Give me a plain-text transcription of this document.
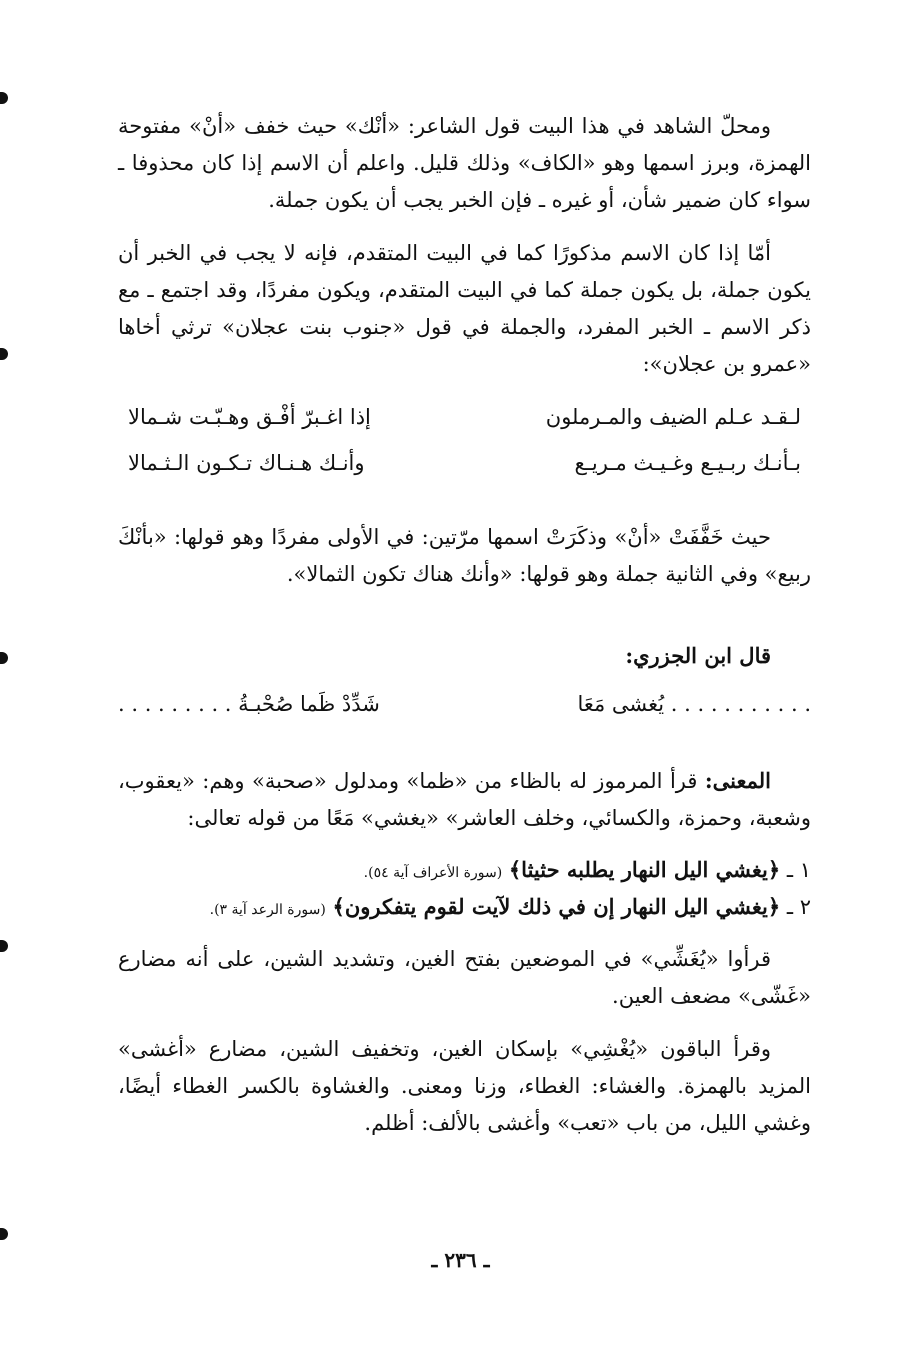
ومحلّ الشاهد في هذا البيت قول الشاعر: «أنْك» حيث خفف «أنْ» مفتوحة الهمزة، وبرز اسمها وهو «الكاف» وذلك قليل. واعلم أن الاسم إذا كان محذوفا ـ سواء كان ضمير شأن، أو غيره ـ فإن الخبر يجب أن يكون جملة.

أمّا إذا كان الاسم مذكورًا كما في البيت المتقدم، فإنه لا يجب في الخبر أن يكون جملة، بل يكون جملة كما في البيت المتقدم، ويكون مفردًا، وقد اجتمع ـ مع ذكر الاسم ـ الخبر المفرد، والجملة في قول «جنوب بنت عجلان» ترثي أخاها «عمرو بن عجلان»:

لـقـد عـلم الضيف والمـرملون
إذا اغـبرّ أفْـق وهـبّـت شـمالا
بـأنـك ربـيـع وغـيـث مـريـع
وأنـك هـنـاك تـكـون الـثـمالا

حيث خَفَّفَتْ «أنْ» وذكَرَتْ اسمها مرّتين: في الأولى مفردًا وهو قولها: «بأنْكَ ربيع» وفي الثانية جملة وهو قولها: «وأنك هناك تكون الثمالا».

قال ابن الجزري:
. . . . . . . . . . . يُغشى مَعَا
شَدِّدْ ظَما صُحْبـةُ . . . . . . . . .

المعنى: قرأ المرموز له بالظاء من «ظما» ومدلول «صحبة» وهم: «يعقوب، وشعبة، وحمزة، والكسائي، وخلف العاشر» «يغشي» مَعًا من قوله تعالى:

١ ـ ﴿يغشي اليل النهار يطلبه حثيثا﴾ (سورة الأعراف آية ٥٤).

٢ ـ ﴿يغشي اليل النهار إن في ذلك لآيت لقوم يتفكرون﴾ (سورة الرعد آية ٣).

قرأوا «يُغَشِّي» في الموضعين بفتح الغين، وتشديد الشين، على أنه مضارع «غَشّى» مضعف العين.

وقرأ الباقون «يُغْشِي» بإسكان الغين، وتخفيف الشين، مضارع «أغشى» المزيد بالهمزة. والغشاء: الغطاء، وزنا ومعنى. والغشاوة بالكسر الغطاء أيضًا، وغشي الليل، من باب «تعب» وأغشى بالألف: أظلم.

ـ ٢٣٦ ـ
